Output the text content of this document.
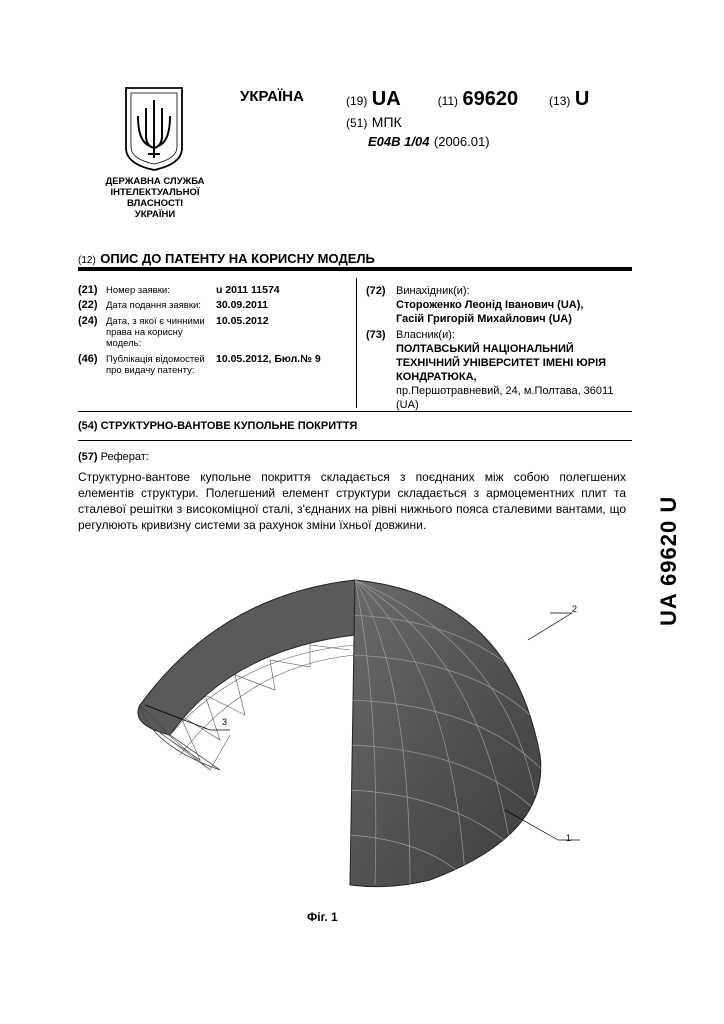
ДЕРЖАВНА СЛУЖБА
ІНТЕЛЕКТУАЛЬНОЇ
ВЛАСНОСТІ
УКРАЇНИ
УКРАЇНА	(19) UA	(11) 69620	(13) U
(51) МПК
E04B 1/04 (2006.01)
(12) ОПИС ДО ПАТЕНТУ НА КОРИСНУ МОДЕЛЬ
(21) Номер заявки:	u 2011 11574
(22) Дата подання заявки:	30.09.2011
(24) Дата, з якої є чинними права на корисну модель:
10.05.2012
(46) Публікація відомостей про видачу патенту:
10.05.2012, Бюл.№ 9
(72) Винахідник(и):
Стороженко Леонід Іванович (UA),
Гасій Григорій Михайлович (UA)
(73) Власник(и):
ПОЛТАВСЬКИЙ НАЦІОНАЛЬНИЙ
ТЕХНІЧНИЙ УНІВЕРСИТЕТ ІМЕНІ ЮРІЯ
КОНДРАТЮКА,
пр.Першотравневий, 24, м.Полтава, 36011
(UA)
(54) СТРУКТУРНО-ВАНТОВЕ КУПОЛЬНЕ ПОКРИТТЯ
(57) Реферат:
Структурно-вантове купольне покриття складається з поєднаних між собою полегшених елементів структури. Полегшений елемент структури складається з армоцементних плит та сталевої решітки з високоміцної сталі, з'єднаних на рівні нижнього пояса сталевими вантами, що регулюють кривизну системи за рахунок зміни їхньої довжини.
2
1
3
Фіг. 1
UA 69620 U
